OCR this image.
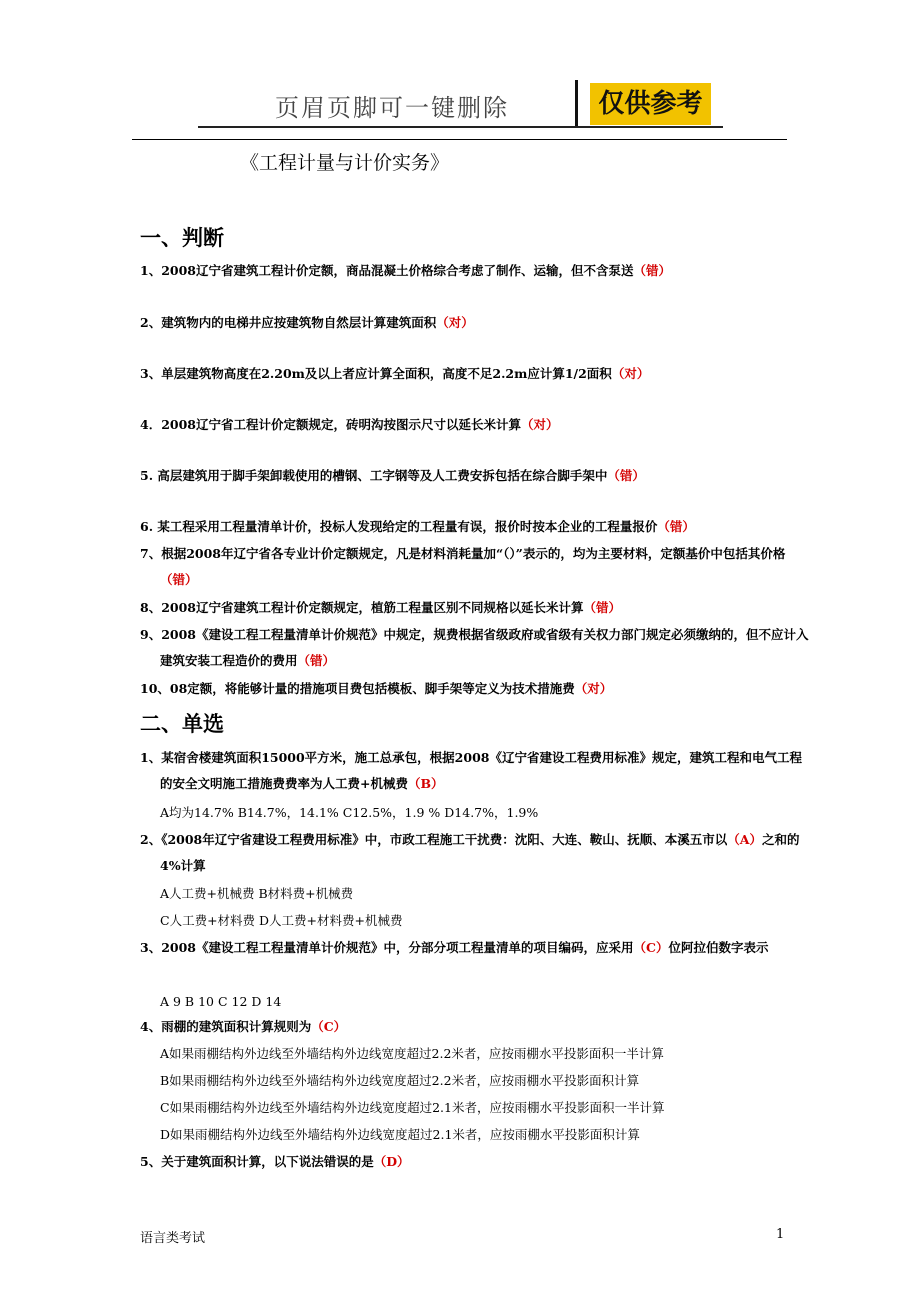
页眉页脚可一键删除	仅供参考
《工程计量与计价实务》
一、判断
1、2008辽宁省建筑工程计价定额，商品混凝土价格综合考虑了制作、运输，但不含泵送（错）
2、建筑物内的电梯井应按建筑物自然层计算建筑面积（对）
3、单层建筑物高度在2.20m及以上者应计算全面积，高度不足2.2m应计算1/2面积（对）
4．2008辽宁省工程计价定额规定，砖明沟按图示尺寸以延长米计算（对）
5. 高层建筑用于脚手架卸载使用的槽钢、工字钢等及人工费安拆包括在综合脚手架中（错）
6. 某工程采用工程量清单计价，投标人发现给定的工程量有误，报价时按本企业的工程量报价（错）
7、根据2008年辽宁省各专业计价定额规定，凡是材料消耗量加“（）”表示的，均为主要材料，定额基价中包括其价格（错）
8、2008辽宁省建筑工程计价定额规定，植筋工程量区别不同规格以延长米计算（错）
9、2008《建设工程工程量清单计价规范》中规定，规费根据省级政府或省级有关权力部门规定必须缴纳的，但不应计入建筑安装工程造价的费用（错）
10、08定额，将能够计量的措施项目费包括模板、脚手架等定义为技术措施费（对）
二、单选
1、某宿舍楼建筑面积15000平方米，施工总承包，根据2008《辽宁省建设工程费用标准》规定，建筑工程和电气工程的安全文明施工措施费费率为人工费+机械费（B）
A均为14.7% B14.7%，14.1% C12.5%，1.9 % D14.7%，1.9%
2、《2008年辽宁省建设工程费用标准》中，市政工程施工干扰费：沈阳、大连、鞍山、抚顺、本溪五市以（A）之和的4%计算
A人工费+机械费 B材料费+机械费
C人工费+材料费 D人工费+材料费+机械费
3、2008《建设工程工程量清单计价规范》中，分部分项工程量清单的项目编码，应采用（C）位阿拉伯数字表示
A 9 B 10 C 12 D 14
4、雨棚的建筑面积计算规则为（C）
A如果雨棚结构外边线至外墙结构外边线宽度超过2.2米者，应按雨棚水平投影面积一半计算
B如果雨棚结构外边线至外墙结构外边线宽度超过2.2米者，应按雨棚水平投影面积计算
C如果雨棚结构外边线至外墙结构外边线宽度超过2.1米者，应按雨棚水平投影面积一半计算
D如果雨棚结构外边线至外墙结构外边线宽度超过2.1米者，应按雨棚水平投影面积计算
5、关于建筑面积计算，以下说法错误的是（D）
语言类考试	1
